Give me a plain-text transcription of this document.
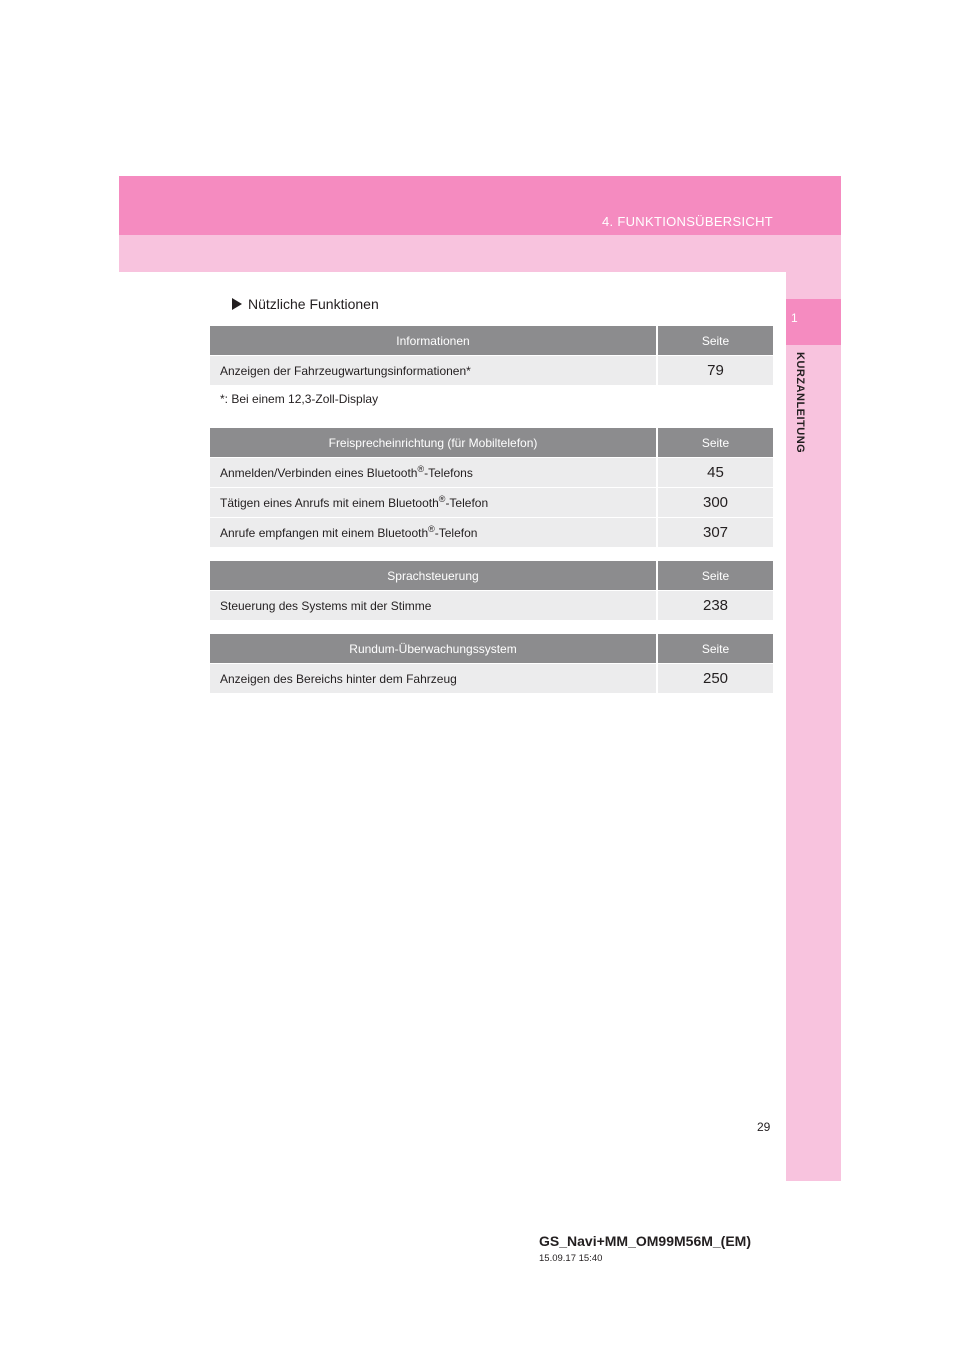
4. FUNKTIONSÜBERSICHT
1
KURZANLEITUNG
Nützliche Funktionen
Informationen	Seite
Anzeigen der Fahrzeugwartungsinformationen*	79
*: Bei einem 12,3-Zoll-Display
Freisprecheinrichtung (für Mobiltelefon)	Seite
Anmelden/Verbinden eines Bluetooth®-Telefons	45
Tätigen eines Anrufs mit einem Bluetooth®-Telefon	300
Anrufe empfangen mit einem Bluetooth®-Telefon	307
Sprachsteuerung	Seite
Steuerung des Systems mit der Stimme	238
Rundum-Überwachungssystem	Seite
Anzeigen des Bereichs hinter dem Fahrzeug	250
29
GS_Navi+MM_OM99M56M_(EM)
15.09.17 15:40
